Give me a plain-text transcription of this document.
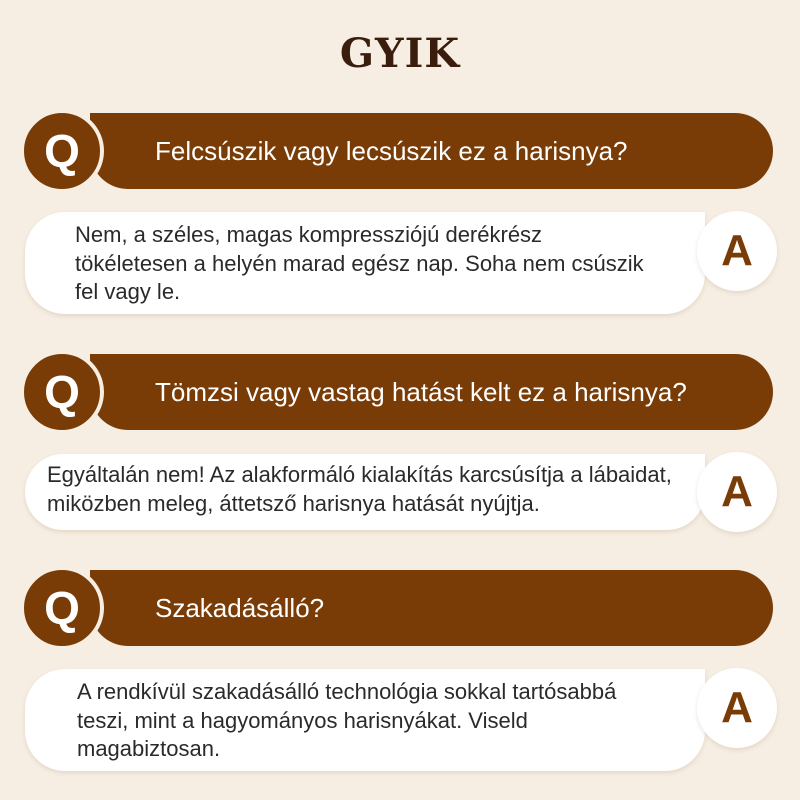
GYIK
Felcsúszik vagy lecsúszik ez a harisnya?
Q
Nem, a széles, magas kompressziójú derékrész tökéletesen a helyén marad egész nap. Soha nem csúszik fel vagy le.
A
Tömzsi vagy vastag hatást kelt ez a harisnya?
Q
Egyáltalán nem! Az alakformáló kialakítás karcsúsítja a lábaidat, miközben meleg, áttetsző harisnya hatását nyújtja.	A
Szakadásálló?
Q
A rendkívül szakadásálló technológia sokkal tartósabbá teszi, mint a hagyományos harisnyákat. Viseld magabiztosan.
A
